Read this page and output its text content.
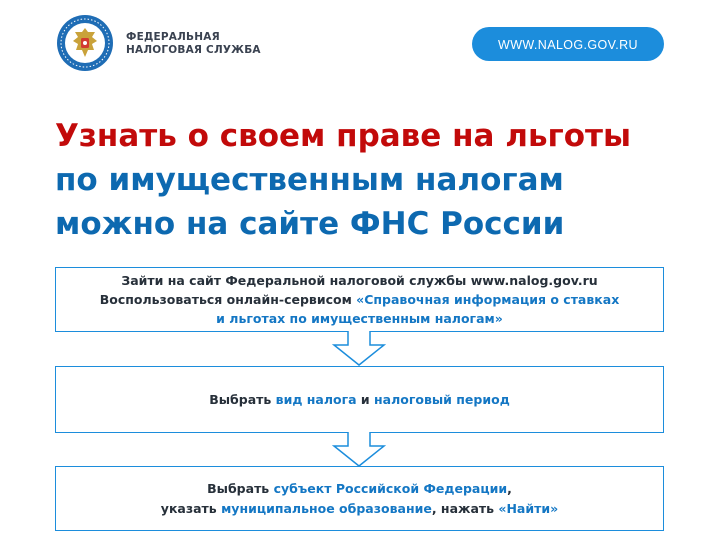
ФЕДЕРАЛЬНАЯ
НАЛОГОВАЯ СЛУЖБА	WWW.NALOG.GOV.RU
Узнать о своем праве на льготы
по имущественным налогам
можно на сайте ФНС России
Зайти на сайт Федеральной налоговой службы www.nalog.gov.ru
Воспользоваться онлайн-сервисом «Справочная информация о ставках
и льготах по имущественным налогам»
Выбрать вид налога и налоговый период
Выбрать субъект Российской Федерации,
указать муниципальное образование, нажать «Найти»
